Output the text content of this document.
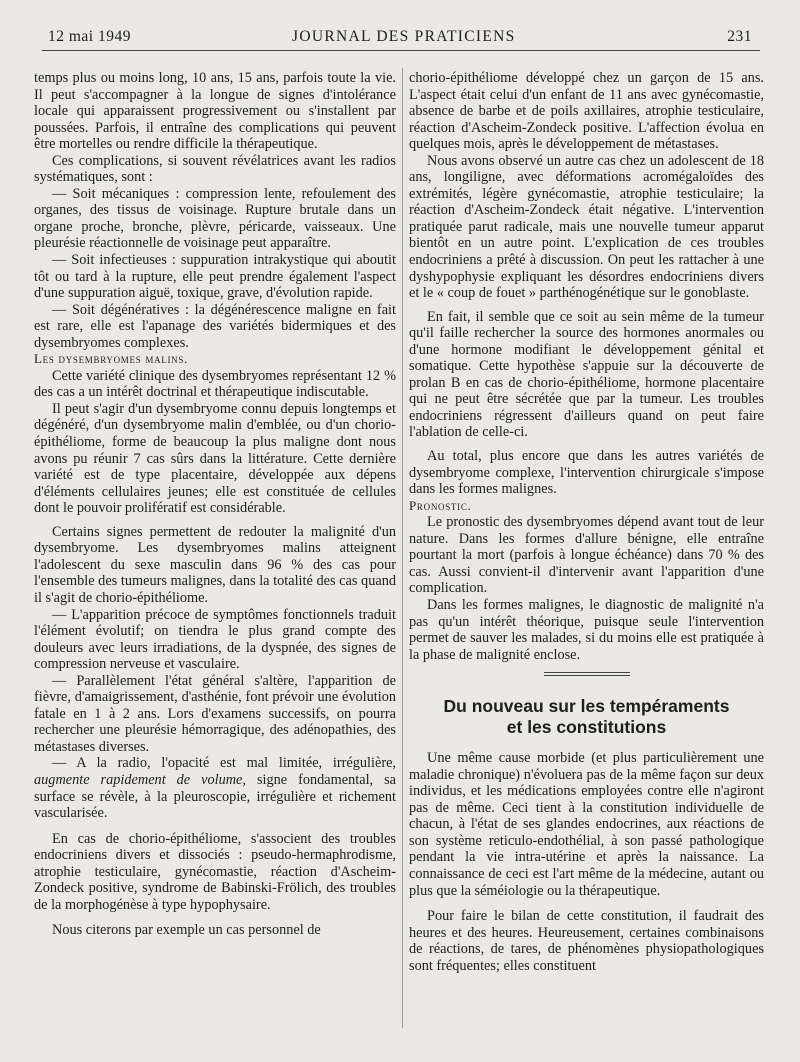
12 mai 1949	JOURNAL DES PRATICIENS	231

temps plus ou moins long, 10 ans, 15 ans, parfois toute la vie. Il peut s'accompagner à la longue de signes d'intolérance locale qui apparaissent progressivement ou s'installent par poussées. Parfois, il entraîne des complications qui peuvent être mortelles ou rendre difficile la thérapeutique.

Ces complications, si souvent révélatrices avant les radios systématiques, sont :

— Soit mécaniques : compression lente, refoulement des organes, des tissus de voisinage. Rupture brutale dans un organe proche, bronche, plèvre, péricarde, vaisseaux. Une pleurésie réactionnelle de voisinage peut apparaître.

— Soit infectieuses : suppuration intrakystique qui aboutit tôt ou tard à la rupture, elle peut prendre également l'aspect d'une suppuration aiguë, toxique, grave, d'évolution rapide.

— Soit dégénératives : la dégénérescence maligne en fait est rare, elle est l'apanage des variétés bidermiques et des dysembryomes complexes.

Les dysembryomes malins.

Cette variété clinique des dysembryomes représentant 12 % des cas a un intérêt doctrinal et thérapeutique indiscutable.

Il peut s'agir d'un dysembryome connu depuis longtemps et dégénéré, d'un dysembryome malin d'emblée, ou d'un chorio-épithéliome, forme de beaucoup la plus maligne dont nous avons pu réunir 7 cas sûrs dans la littérature. Cette dernière variété est de type placentaire, développée aux dépens d'éléments cellulaires jeunes; elle est constituée de cellules dont le pouvoir prolifératif est considérable.

Certains signes permettent de redouter la malignité d'un dysembryome. Les dysembryomes malins atteignent l'adolescent du sexe masculin dans 96 % des cas pour l'ensemble des tumeurs malignes, dans la totalité des cas quand il s'agit de chorio-épithéliome.

— L'apparition précoce de symptômes fonctionnels traduit l'élément évolutif; on tiendra le plus grand compte des douleurs avec leurs irradiations, de la dyspnée, des signes de compression nerveuse et vasculaire.

— Parallèlement l'état général s'altère, l'apparition de fièvre, d'amaigrissement, d'asthénie, font prévoir une évolution fatale en 1 à 2 ans. Lors d'examens successifs, on pourra rechercher une pleurésie hémorragique, des adénopathies, des métastases diverses.

— A la radio, l'opacité est mal limitée, irrégulière, augmente rapidement de volume, signe fondamental, sa surface se révèle, à la pleuroscopie, irrégulière et richement vascularisée.

En cas de chorio-épithéliome, s'associent des troubles endocriniens divers et dissociés : pseudo-hermaphrodisme, atrophie testiculaire, gynécomastie, réaction d'Ascheim-Zondeck positive, syndrome de Babinski-Frölich, des troubles de la morphogénèse à type hypophysaire.

Nous citerons par exemple un cas personnel de

chorio-épithéliome développé chez un garçon de 15 ans. L'aspect était celui d'un enfant de 11 ans avec gynécomastie, absence de barbe et de poils axillaires, atrophie testiculaire, réaction d'Ascheim-Zondeck positive. L'affection évolua en quelques mois, après le développement de métastases.

Nous avons observé un autre cas chez un adolescent de 18 ans, longiligne, avec déformations acromégaloïdes des extrémités, légère gynécomastie, atrophie testiculaire; la réaction d'Ascheim-Zondeck était négative. L'intervention pratiquée parut radicale, mais une nouvelle tumeur apparut bientôt en un autre point. L'explication de ces troubles endocriniens a prêté à discussion. On peut les rattacher à une dyshypophysie expliquant les désordres endocriniens divers et le « coup de fouet » parthénogénétique sur le gonoblaste.

En fait, il semble que ce soit au sein même de la tumeur qu'il faille rechercher la source des hormones anormales ou d'une hormone modifiant le développement génital et somatique. Cette hypothèse s'appuie sur la découverte de prolan B en cas de chorio-épithéliome, hormone placentaire qui ne peut être sécrétée que par la tumeur. Les troubles endocriniens régressent d'ailleurs quand on peut faire l'ablation de celle-ci.

Au total, plus encore que dans les autres variétés de dysembryome complexe, l'intervention chirurgicale s'impose dans les formes malignes.

Pronostic.

Le pronostic des dysembryomes dépend avant tout de leur nature. Dans les formes d'allure bénigne, elle entraîne pourtant la mort (parfois à longue échéance) dans 70 % des cas. Aussi convient-il d'intervenir avant l'apparition d'une complication.

Dans les formes malignes, le diagnostic de malignité n'a pas qu'un intérêt théorique, puisque seule l'intervention permet de sauver les malades, si du moins elle est pratiquée à la phase de malignité enclose.

Du nouveau sur les tempéraments
et les constitutions

Une même cause morbide (et plus particulièrement une maladie chronique) n'évoluera pas de la même façon sur deux individus, et les médications employées contre elle n'agiront pas de même. Ceci tient à la constitution individuelle de chacun, à l'état de ses glandes endocrines, aux réactions de son système reticulo-endothélial, à son passé pathologique pendant la vie intra-utérine et après la naissance. La connaissance de ceci est l'art même de la médecine, autant ou plus que la séméiologie ou la thérapeutique.

Pour faire le bilan de cette constitution, il faudrait des heures et des heures. Heureusement, certaines combinaisons de réactions, de tares, de phénomènes physiopathologiques sont fréquentes; elles constituent
